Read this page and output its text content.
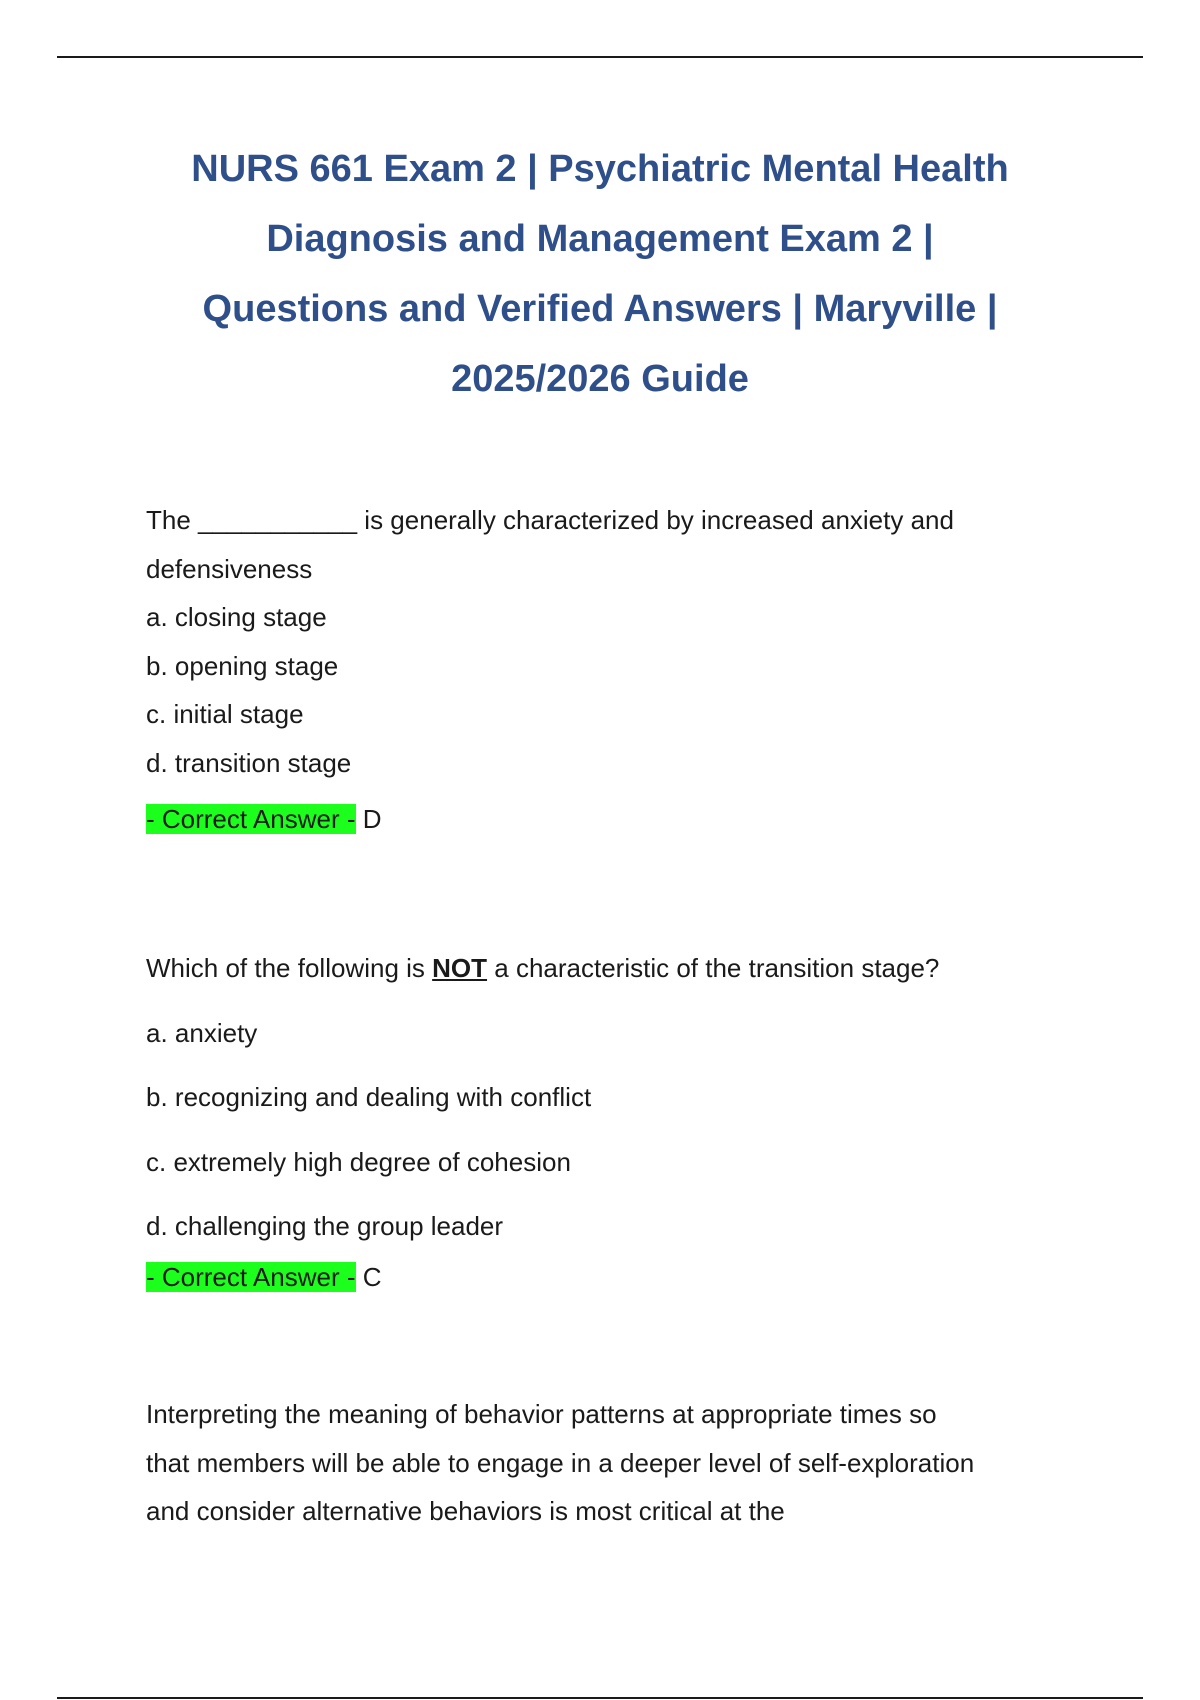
NURS 661 Exam 2 | Psychiatric Mental Health
Diagnosis and Management Exam 2 |
Questions and Verified Answers | Maryville |
2025/2026 Guide
The ___________ is generally characterized by increased anxiety and
defensiveness
a. closing stage
b. opening stage
c. initial stage
d. transition stage
- Correct Answer - D
Which of the following is NOT a characteristic of the transition stage?
a. anxiety
b. recognizing and dealing with conflict
c. extremely high degree of cohesion
d. challenging the group leader
- Correct Answer - C
Interpreting the meaning of behavior patterns at appropriate times so
that members will be able to engage in a deeper level of self-exploration
and consider alternative behaviors is most critical at the
